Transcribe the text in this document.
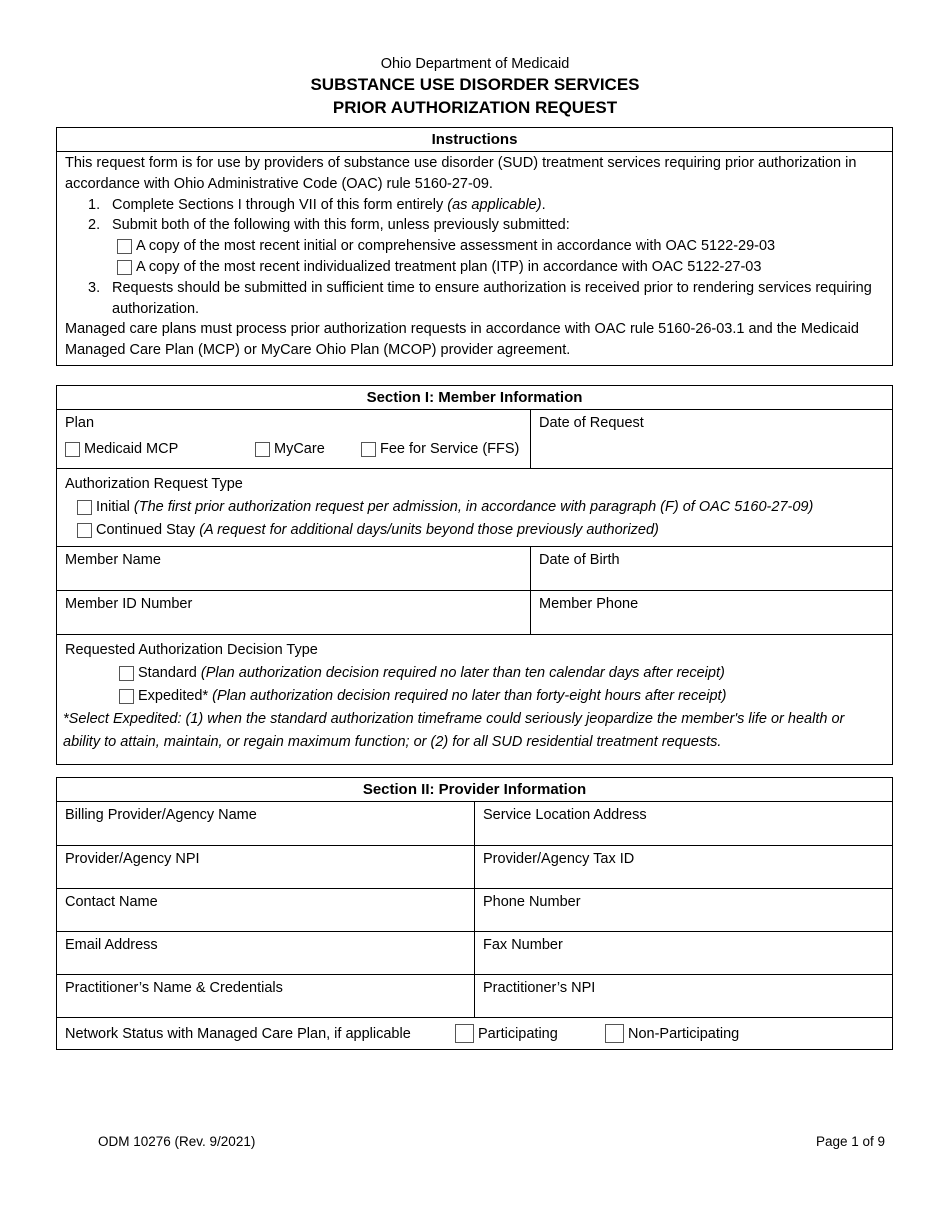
Ohio Department of Medicaid
SUBSTANCE USE DISORDER SERVICES
PRIOR AUTHORIZATION REQUEST
Instructions

This request form is for use by providers of substance use disorder (SUD) treatment services requiring prior authorization in accordance with Ohio Administrative Code (OAC) rule 5160-27-09.

1. Complete Sections I through VII of this form entirely (as applicable).
2. Submit both of the following with this form, unless previously submitted:
A copy of the most recent initial or comprehensive assessment in accordance with OAC 5122-29-03
A copy of the most recent individualized treatment plan (ITP) in accordance with OAC 5122-27-03
3. Requests should be submitted in sufficient time to ensure authorization is received prior to rendering services requiring authorization.

Managed care plans must process prior authorization requests in accordance with OAC rule 5160-26-03.1 and the Medicaid Managed Care Plan (MCP) or MyCare Ohio Plan (MCOP) provider agreement.

Section I: Member Information
Plan
Medicaid MCP	MyCare	Fee for Service (FFS)
Date of Request
Authorization Request Type
Initial (The first prior authorization request per admission, in accordance with paragraph (F) of OAC 5160-27-09)
Continued Stay (A request for additional days/units beyond those previously authorized)
Member Name	Date of Birth
Member ID Number	Member Phone
Requested Authorization Decision Type
Standard (Plan authorization decision required no later than ten calendar days after receipt)
Expedited* (Plan authorization decision required no later than forty-eight hours after receipt)
*Select Expedited: (1) when the standard authorization timeframe could seriously jeopardize the member's life or health or ability to attain, maintain, or regain maximum function; or (2) for all SUD residential treatment requests.
Section II: Provider Information
Billing Provider/Agency Name	Service Location Address
Provider/Agency NPI	Provider/Agency Tax ID
Contact Name	Phone Number
Email Address	Fax Number
Practitioner’s Name & Credentials	Practitioner’s NPI
Network Status with Managed Care Plan, if applicable	Participating	Non-Participating
ODM 10276 (Rev. 9/2021)	Page 1 of 9
